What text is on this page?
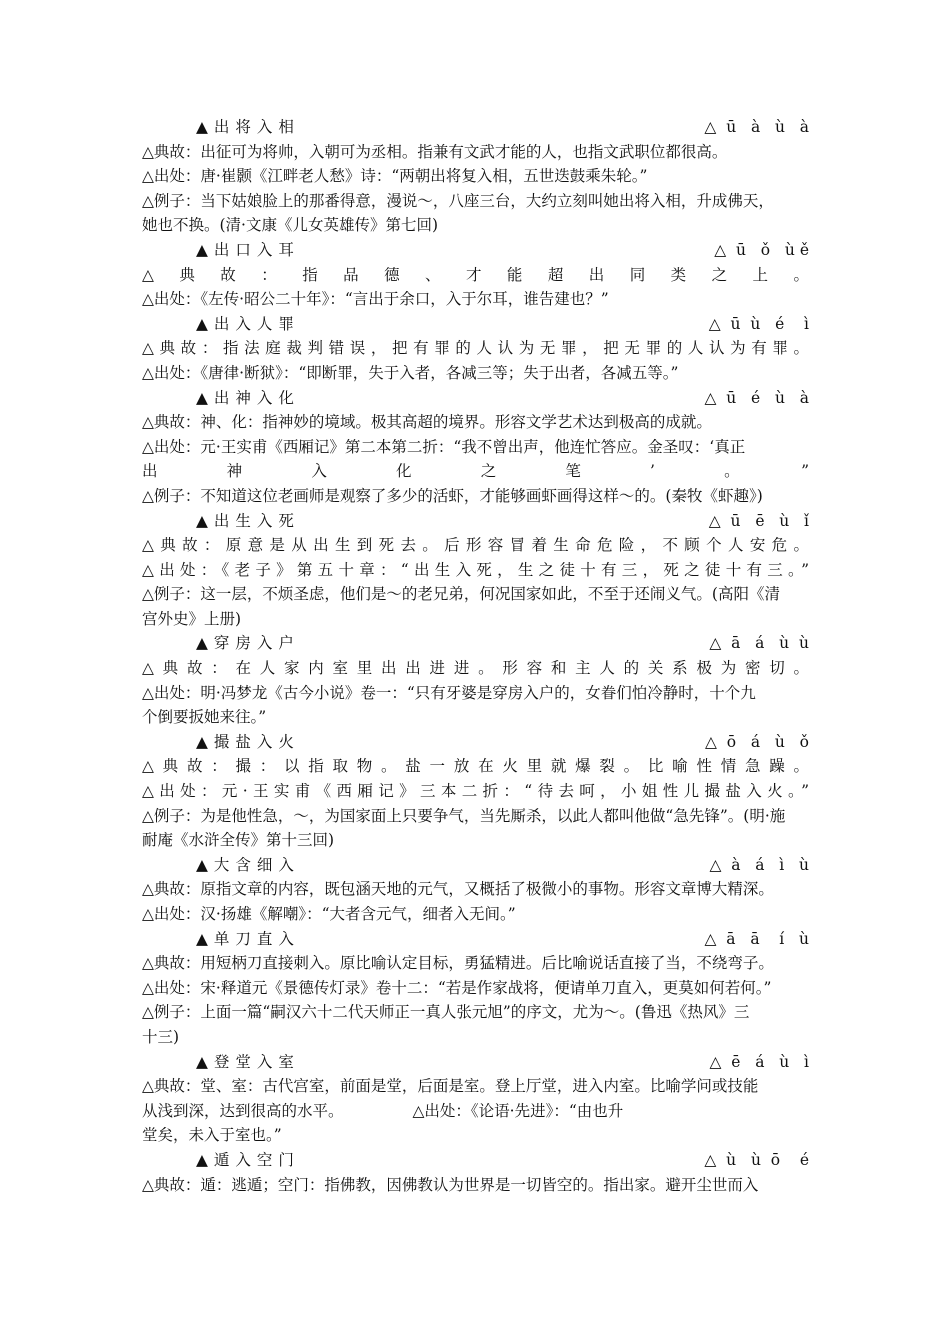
▲出将入相	△  ū   à   ù   à
△典故：出征可为将帅，入朝可为丞相。指兼有文武才能的人，也指文武职位都很高。
△出处：唐·崔颢《江畔老人愁》诗：“两朝出将复入相，五世迭鼓乘朱轮。”
△例子：当下姑娘脸上的那番得意，漫说～，八座三台，大约立刻叫她出将入相，升成佛天，
她也不换。(清·文康《儿女英雄传》第七回)
▲出口入耳	△  ū   ǒ   ù ě
△典故：指品德、才能超出同类之上。
△出处：《左传·昭公二十年》：“言出于余口，入于尔耳，谁告建也？”
▲出入人罪	△  ū  ù   é    ì
△典故：指法庭裁判错误，把有罪的人认为无罪，把无罪的人认为有罪。
△出处：《唐律·断狱》：“即断罪，失于入者，各减三等；失于出者，各减五等。”
▲出神入化	△  ū   é   ù   à
△典故：神、化：指神妙的境域。极其高超的境界。形容文学艺术达到极高的成就。
△出处：元·王实甫《西厢记》第二本第二折：“我不曾出声，他连忙答应。金圣叹：‘真正
出神入化之笔’。”
△例子：不知道这位老画师是观察了多少的活虾，才能够画虾画得这样～的。(秦牧《虾趣》)
▲出生入死	△  ū   ē   ù   ǐ
△典故：原意是从出生到死去。后形容冒着生命危险，不顾个人安危。
△出处：《老子》第五十章：“出生入死，生之徒十有三，死之徒十有三。”
△例子：这一层，不烦圣虑，他们是～的老兄弟，何况国家如此，不至于还闹义气。(高阳《清
宫外史》上册)
▲穿房入户	△  ā   á   ù  ù
△典故：在人家内室里出出进进。形容和主人的关系极为密切。
△出处：明·冯梦龙《古今小说》卷一：“只有牙婆是穿房入户的，女眷们怕冷静时，十个九
个倒要扳她来往。”
▲撮盐入火	△  ō   á   ù   ǒ
△典故：撮：以指取物。盐一放在火里就爆裂。比喻性情急躁。
△出处：元·王实甫《西厢记》三本二折：“待去呵，小姐性儿撮盐入火。”
△例子：为是他性急，～，为国家面上只要争气，当先厮杀，以此人都叫他做“急先锋”。(明·施
耐庵《水浒全传》第十三回)
▲大含细入	△  à   á   ì   ù
△典故：原指文章的内容，既包涵天地的元气，又概括了极微小的事物。形容文章博大精深。
△出处：汉·扬雄《解嘲》：“大者含元气，细者入无间。”
▲单刀直入	△  ā   ā    í   ù
△典故：用短柄刀直接刺入。原比喻认定目标，勇猛精进。后比喻说话直接了当，不绕弯子。
△出处：宋·释道元《景德传灯录》卷十二：“若是作家战将，便请单刀直入，更莫如何若何。”
△例子：上面一篇“嗣汉六十二代天师正一真人张元旭”的序文，尤为～。(鲁迅《热风》三
十三)
▲登堂入室	△  ē   á   ù   ì
△典故：堂、室：古代宫室，前面是堂，后面是室。登上厅堂，进入内室。比喻学问或技能
从浅到深，达到很高的水平。              △出处：《论语·先进》：“由也升
堂矣，未入于室也。”
▲遁入空门	△  ù   ù  ō    é
△典故：遁：逃遁；空门：指佛教，因佛教认为世界是一切皆空的。指出家。避开尘世而入
